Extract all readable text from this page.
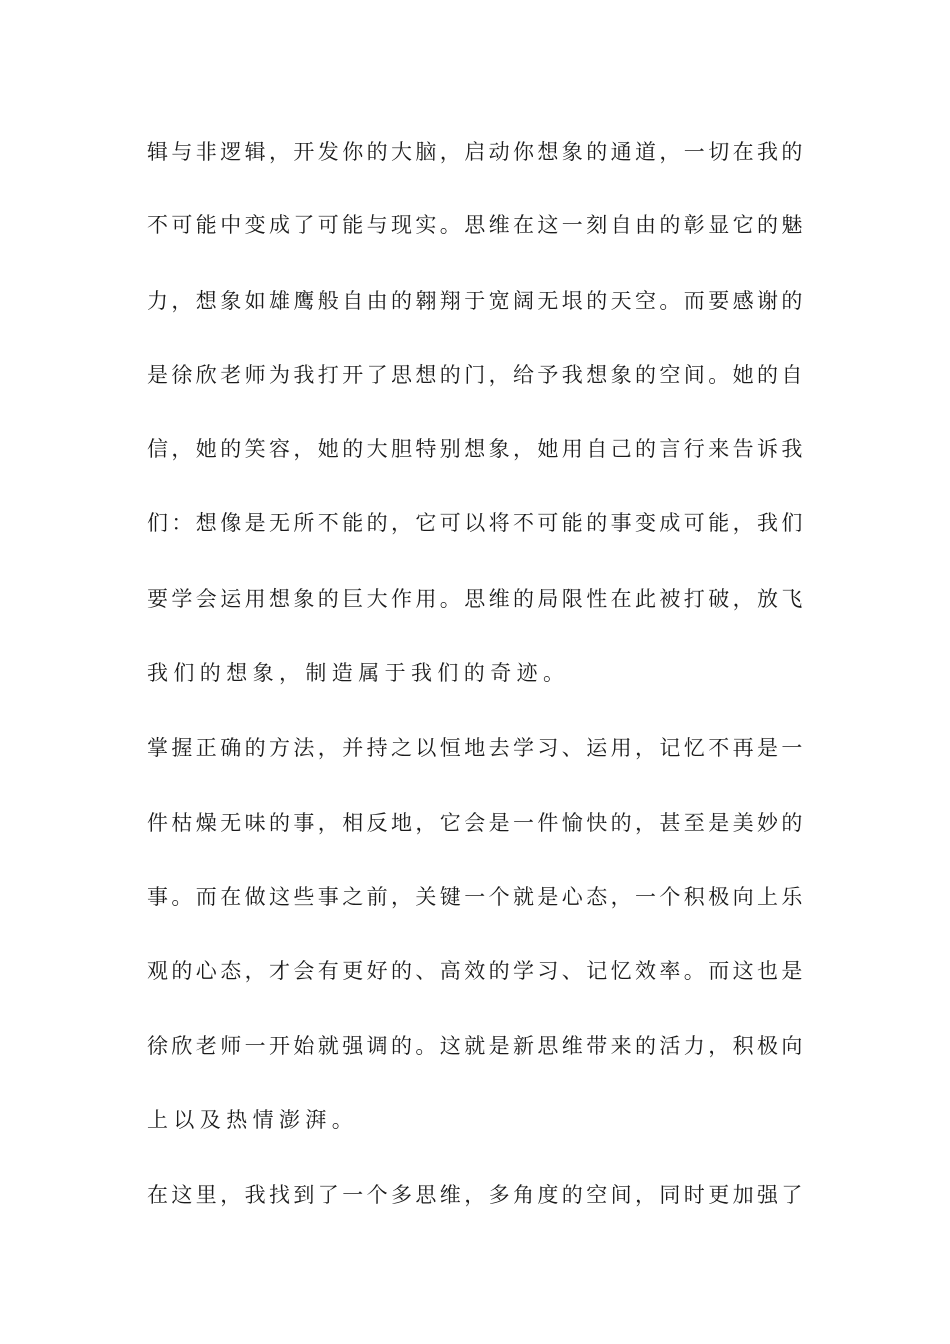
辑与非逻辑，开发你的大脑，启动你想象的通道，一切在我的
不可能中变成了可能与现实。思维在这一刻自由的彰显它的魅
力，想象如雄鹰般自由的翱翔于宽阔无垠的天空。而要感谢的
是徐欣老师为我打开了思想的门，给予我想象的空间。她的自
信，她的笑容，她的大胆特别想象，她用自己的言行来告诉我
们：想像是无所不能的，它可以将不可能的事变成可能，我们
要学会运用想象的巨大作用。思维的局限性在此被打破，放飞
我们的想象，制造属于我们的奇迹。
掌握正确的方法，并持之以恒地去学习、运用，记忆不再是一
件枯燥无味的事，相反地，它会是一件愉快的，甚至是美妙的
事。而在做这些事之前，关键一个就是心态，一个积极向上乐
观的心态，才会有更好的、高效的学习、记忆效率。而这也是
徐欣老师一开始就强调的。这就是新思维带来的活力，积极向
上以及热情澎湃。
在这里，我找到了一个多思维，多角度的空间，同时更加强了
